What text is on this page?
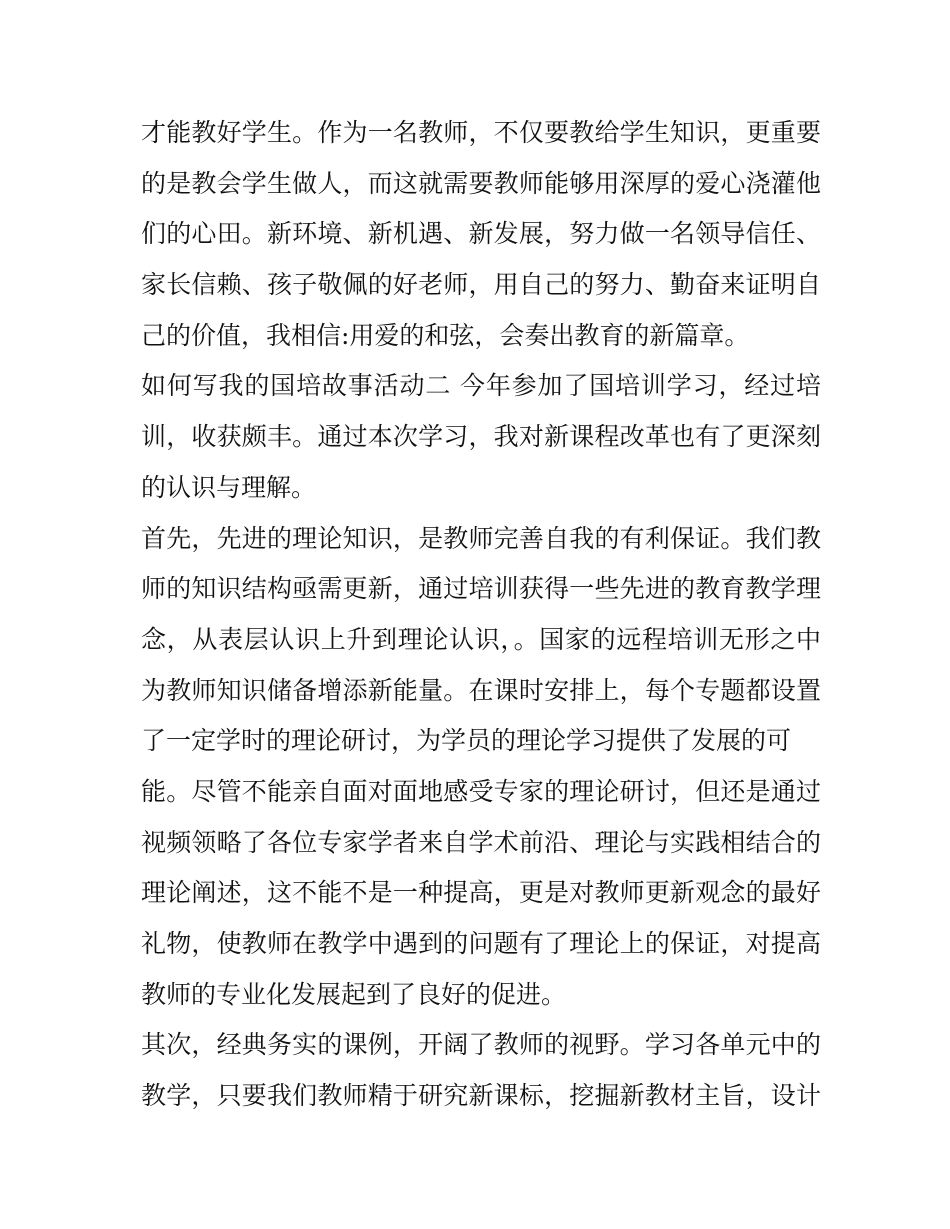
才能教好学生。作为一名教师，不仅要教给学生知识，更重要
的是教会学生做人，而这就需要教师能够用深厚的爱心浇灌他
们的心田。新环境、新机遇、新发展，努力做一名领导信任、
家长信赖、孩子敬佩的好老师，用自己的努力、勤奋来证明自
己的价值，我相信:用爱的和弦，会奏出教育的新篇章。
如何写我的国培故事活动二 今年参加了国培训学习，经过培
训，收获颇丰。通过本次学习，我对新课程改革也有了更深刻
的认识与理解。
首先，先进的理论知识，是教师完善自我的有利保证。我们教
师的知识结构亟需更新，通过培训获得一些先进的教育教学理
念，从表层认识上升到理论认识，。国家的远程培训无形之中
为教师知识储备增添新能量。在课时安排上，每个专题都设置
了一定学时的理论研讨，为学员的理论学习提供了发展的可
能。尽管不能亲自面对面地感受专家的理论研讨，但还是通过
视频领略了各位专家学者来自学术前沿、理论与实践相结合的
理论阐述，这不能不是一种提高，更是对教师更新观念的最好
礼物，使教师在教学中遇到的问题有了理论上的保证，对提高
教师的专业化发展起到了良好的促进。
其次，经典务实的课例，开阔了教师的视野。学习各单元中的
教学，只要我们教师精于研究新课标，挖掘新教材主旨，设计
